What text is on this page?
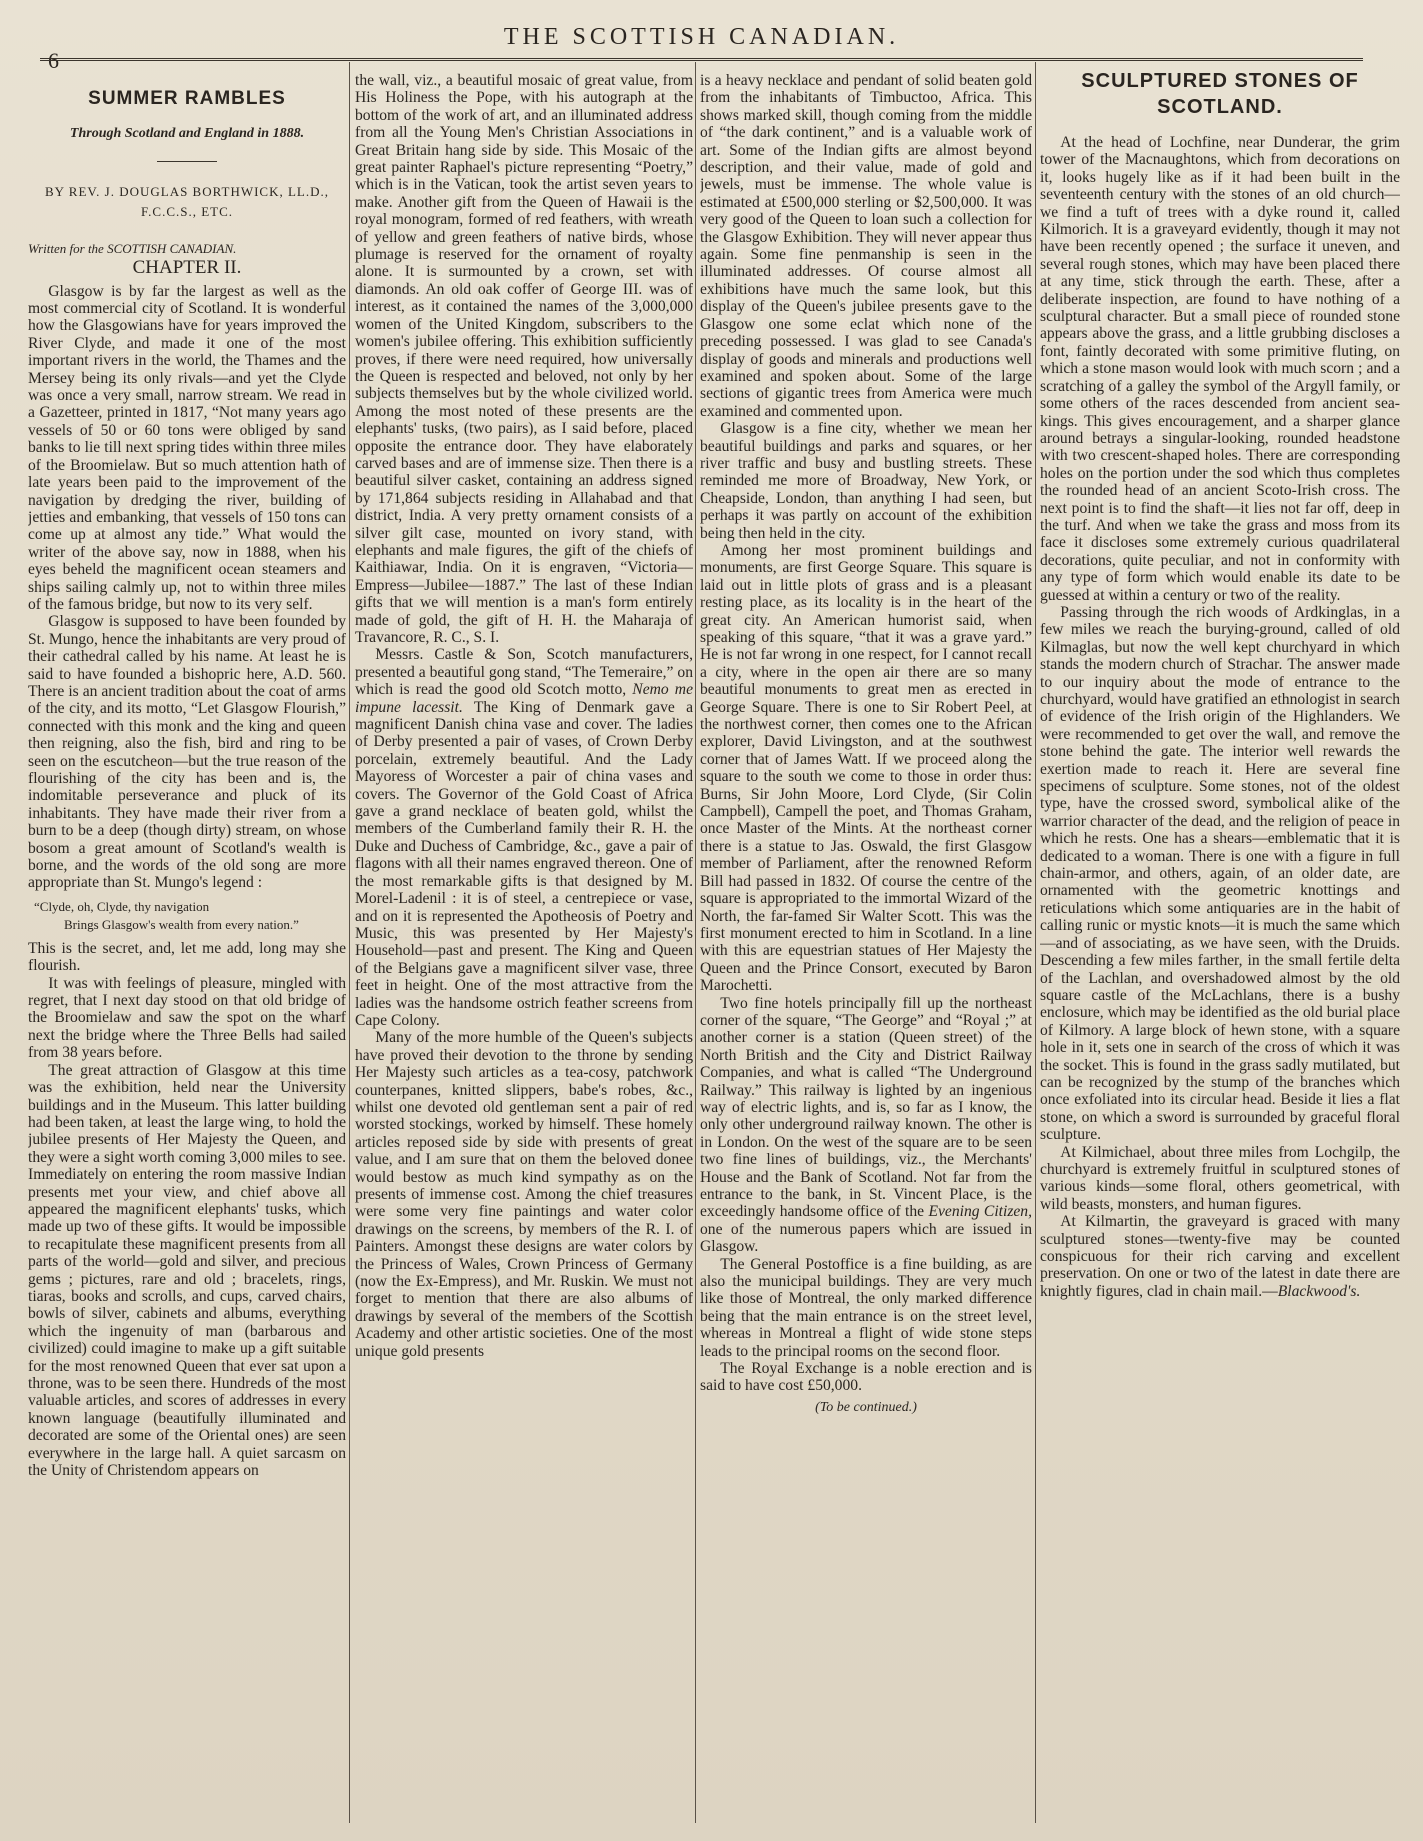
6
THE SCOTTISH CANADIAN.
SUMMER RAMBLES
Through Scotland and England in 1888.
BY REV. J. DOUGLAS BORTHWICK, LL.D.,
F.C.C.S., ETC.
Written for the SCOTTISH CANADIAN.
CHAPTER II.

Glasgow is by far the largest as well as the most commercial city of Scotland. It is wonderful how the Glasgowians have for years improved the River Clyde, and made it one of the most important rivers in the world, the Thames and the Mersey being its only rivals—and yet the Clyde was once a very small, narrow stream. We read in a Gazetteer, printed in 1817, “Not many years ago vessels of 50 or 60 tons were obliged by sand banks to lie till next spring tides within three miles of the Broomielaw. But so much attention hath of late years been paid to the improvement of the navigation by dredging the river, building of jetties and embanking, that vessels of 150 tons can come up at almost any tide.” What would the writer of the above say, now in 1888, when his eyes beheld the magnificent ocean steamers and ships sailing calmly up, not to within three miles of the famous bridge, but now to its very self.

Glasgow is supposed to have been founded by St. Mungo, hence the inhabitants are very proud of their cathedral called by his name. At least he is said to have founded a bishopric here, A.D. 560. There is an ancient tradition about the coat of arms of the city, and its motto, “Let Glasgow Flourish,” connected with this monk and the king and queen then reigning, also the fish, bird and ring to be seen on the escutcheon—but the true reason of the flourishing of the city has been and is, the indomitable perseverance and pluck of its inhabitants. They have made their river from a burn to be a deep (though dirty) stream, on whose bosom a great amount of Scotland's wealth is borne, and the words of the old song are more appropriate than St. Mungo's legend :

“Clyde, oh, Clyde, thy navigation
Brings Glasgow's wealth from every nation.”

This is the secret, and, let me add, long may she flourish.

It was with feelings of pleasure, mingled with regret, that I next day stood on that old bridge of the Broomielaw and saw the spot on the wharf next the bridge where the Three Bells had sailed from 38 years before.

The great attraction of Glasgow at this time was the exhibition, held near the University buildings and in the Museum. This latter building had been taken, at least the large wing, to hold the jubilee presents of Her Majesty the Queen, and they were a sight worth coming 3,000 miles to see. Immediately on entering the room massive Indian presents met your view, and chief above all appeared the magnificent elephants' tusks, which made up two of these gifts. It would be impossible to recapitulate these magnificent presents from all parts of the world—gold and silver, and precious gems ; pictures, rare and old ; bracelets, rings, tiaras, books and scrolls, and cups, carved chairs, bowls of silver, cabinets and albums, everything which the ingenuity of man (barbarous and civilized) could imagine to make up a gift suitable for the most renowned Queen that ever sat upon a throne, was to be seen there. Hundreds of the most valuable articles, and scores of addresses in every known language (beautifully illuminated and decorated are some of the Oriental ones) are seen everywhere in the large hall. A quiet sarcasm on the Unity of Christendom appears on

the wall, viz., a beautiful mosaic of great value, from His Holiness the Pope, with his autograph at the bottom of the work of art, and an illuminated address from all the Young Men's Christian Associations in Great Britain hang side by side. This Mosaic of the great painter Raphael's picture representing “Poetry,” which is in the Vatican, took the artist seven years to make. Another gift from the Queen of Hawaii is the royal monogram, formed of red feathers, with wreath of yellow and green feathers of native birds, whose plumage is reserved for the ornament of royalty alone. It is surmounted by a crown, set with diamonds. An old oak coffer of George III. was of interest, as it contained the names of the 3,000,000 women of the United Kingdom, subscribers to the women's jubilee offering. This exhibition sufficiently proves, if there were need required, how universally the Queen is respected and beloved, not only by her subjects themselves but by the whole civilized world. Among the most noted of these presents are the elephants' tusks, (two pairs), as I said before, placed opposite the entrance door. They have elaborately carved bases and are of immense size. Then there is a beautiful silver casket, containing an address signed by 171,864 subjects residing in Allahabad and that district, India. A very pretty ornament consists of a silver gilt case, mounted on ivory stand, with elephants and male figures, the gift of the chiefs of Kaithiawar, India. On it is engraven, “Victoria—Empress—Jubilee—1887.” The last of these Indian gifts that we will mention is a man's form entirely made of gold, the gift of H. H. the Maharaja of Travancore, R. C., S. I.

Messrs. Castle & Son, Scotch manufacturers, presented a beautiful gong stand, “The Temeraire,” on which is read the good old Scotch motto, Nemo me impune lacessit. The King of Denmark gave a magnificent Danish china vase and cover. The ladies of Derby presented a pair of vases, of Crown Derby porcelain, extremely beautiful. And the Lady Mayoress of Worcester a pair of china vases and covers. The Governor of the Gold Coast of Africa gave a grand necklace of beaten gold, whilst the members of the Cumberland family their R. H. the Duke and Duchess of Cambridge, &c., gave a pair of flagons with all their names engraved thereon. One of the most remarkable gifts is that designed by M. Morel-Ladenil : it is of steel, a centrepiece or vase, and on it is represented the Apotheosis of Poetry and Music, this was presented by Her Majesty's Household—past and present. The King and Queen of the Belgians gave a magnificent silver vase, three feet in height. One of the most attractive from the ladies was the handsome ostrich feather screens from Cape Colony.

Many of the more humble of the Queen's subjects have proved their devotion to the throne by sending Her Majesty such articles as a tea-cosy, patchwork counterpanes, knitted slippers, babe's robes, &c., whilst one devoted old gentleman sent a pair of red worsted stockings, worked by himself. These homely articles reposed side by side with presents of great value, and I am sure that on them the beloved donee would bestow as much kind sympathy as on the presents of immense cost. Among the chief treasures were some very fine paintings and water color drawings on the screens, by members of the R. I. of Painters. Amongst these designs are water colors by the Princess of Wales, Crown Princess of Germany (now the Ex-Empress), and Mr. Ruskin. We must not forget to mention that there are also albums of drawings by several of the members of the Scottish Academy and other artistic societies. One of the most unique gold presents

is a heavy necklace and pendant of solid beaten gold from the inhabitants of Timbuctoo, Africa. This shows marked skill, though coming from the middle of “the dark continent,” and is a valuable work of art. Some of the Indian gifts are almost beyond description, and their value, made of gold and jewels, must be immense. The whole value is estimated at £500,000 sterling or $2,500,000. It was very good of the Queen to loan such a collection for the Glasgow Exhibition. They will never appear thus again. Some fine penmanship is seen in the illuminated addresses. Of course almost all exhibitions have much the same look, but this display of the Queen's jubilee presents gave to the Glasgow one some eclat which none of the preceding possessed. I was glad to see Canada's display of goods and minerals and productions well examined and spoken about. Some of the large sections of gigantic trees from America were much examined and commented upon.

Glasgow is a fine city, whether we mean her beautiful buildings and parks and squares, or her river traffic and busy and bustling streets. These reminded me more of Broadway, New York, or Cheapside, London, than anything I had seen, but perhaps it was partly on account of the exhibition being then held in the city.

Among her most prominent buildings and monuments, are first George Square. This square is laid out in little plots of grass and is a pleasant resting place, as its locality is in the heart of the great city. An American humorist said, when speaking of this square, “that it was a grave yard.” He is not far wrong in one respect, for I cannot recall a city, where in the open air there are so many beautiful monuments to great men as erected in George Square. There is one to Sir Robert Peel, at the northwest corner, then comes one to the African explorer, David Livingston, and at the southwest corner that of James Watt. If we proceed along the square to the south we come to those in order thus: Burns, Sir John Moore, Lord Clyde, (Sir Colin Campbell), Campell the poet, and Thomas Graham, once Master of the Mints. At the northeast corner there is a statue to Jas. Oswald, the first Glasgow member of Parliament, after the renowned Reform Bill had passed in 1832. Of course the centre of the square is appropriated to the immortal Wizard of the North, the far-famed Sir Walter Scott. This was the first monument erected to him in Scotland. In a line with this are equestrian statues of Her Majesty the Queen and the Prince Consort, executed by Baron Marochetti.

Two fine hotels principally fill up the northeast corner of the square, “The George” and “Royal ;” at another corner is a station (Queen street) of the North British and the City and District Railway Companies, and what is called “The Underground Railway.” This railway is lighted by an ingenious way of electric lights, and is, so far as I know, the only other underground railway known. The other is in London. On the west of the square are to be seen two fine lines of buildings, viz., the Merchants' House and the Bank of Scotland. Not far from the entrance to the bank, in St. Vincent Place, is the exceedingly handsome office of the Evening Citizen, one of the numerous papers which are issued in Glasgow.

The General Postoffice is a fine building, as are also the municipal buildings. They are very much like those of Montreal, the only marked difference being that the main entrance is on the street level, whereas in Montreal a flight of wide stone steps leads to the principal rooms on the second floor.

The Royal Exchange is a noble erection and is said to have cost £50,000.

(To be continued.)
SCULPTURED STONES OF
SCOTLAND.

At the head of Lochfine, near Dunderar, the grim tower of the Macnaughtons, which from decorations on it, looks hugely like as if it had been built in the seventeenth century with the stones of an old church—we find a tuft of trees with a dyke round it, called Kilmorich. It is a graveyard evidently, though it may not have been recently opened ; the surface it uneven, and several rough stones, which may have been placed there at any time, stick through the earth. These, after a deliberate inspection, are found to have nothing of a sculptural character. But a small piece of rounded stone appears above the grass, and a little grubbing discloses a font, faintly decorated with some primitive fluting, on which a stone mason would look with much scorn ; and a scratching of a galley the symbol of the Argyll family, or some others of the races descended from ancient sea-kings. This gives encouragement, and a sharper glance around betrays a singular-looking, rounded headstone with two crescent-shaped holes. There are corresponding holes on the portion under the sod which thus completes the rounded head of an ancient Scoto-Irish cross. The next point is to find the shaft—it lies not far off, deep in the turf. And when we take the grass and moss from its face it discloses some extremely curious quadrilateral decorations, quite peculiar, and not in conformity with any type of form which would enable its date to be guessed at within a century or two of the reality.

Passing through the rich woods of Ardkinglas, in a few miles we reach the burying-ground, called of old Kilmaglas, but now the well kept churchyard in which stands the modern church of Strachar. The answer made to our inquiry about the mode of entrance to the churchyard, would have gratified an ethnologist in search of evidence of the Irish origin of the Highlanders. We were recommended to get over the wall, and remove the stone behind the gate. The interior well rewards the exertion made to reach it. Here are several fine specimens of sculpture. Some stones, not of the oldest type, have the crossed sword, symbolical alike of the warrior character of the dead, and the religion of peace in which he rests. One has a shears—emblematic that it is dedicated to a woman. There is one with a figure in full chain-armor, and others, again, of an older date, are ornamented with the geometric knottings and reticulations which some antiquaries are in the habit of calling runic or mystic knots—it is much the same which—and of associating, as we have seen, with the Druids. Descending a few miles farther, in the small fertile delta of the Lachlan, and overshadowed almost by the old square castle of the McLachlans, there is a bushy enclosure, which may be identified as the old burial place of Kilmory. A large block of hewn stone, with a square hole in it, sets one in search of the cross of which it was the socket. This is found in the grass sadly mutilated, but can be recognized by the stump of the branches which once exfoliated into its circular head. Beside it lies a flat stone, on which a sword is surrounded by graceful floral sculpture.

At Kilmichael, about three miles from Lochgilp, the churchyard is extremely fruitful in sculptured stones of various kinds—some floral, others geometrical, with wild beasts, monsters, and human figures.

At Kilmartin, the graveyard is graced with many sculptured stones—twenty-five may be counted conspicuous for their rich carving and excellent preservation. On one or two of the latest in date there are knightly figures, clad in chain mail.—Blackwood's.
